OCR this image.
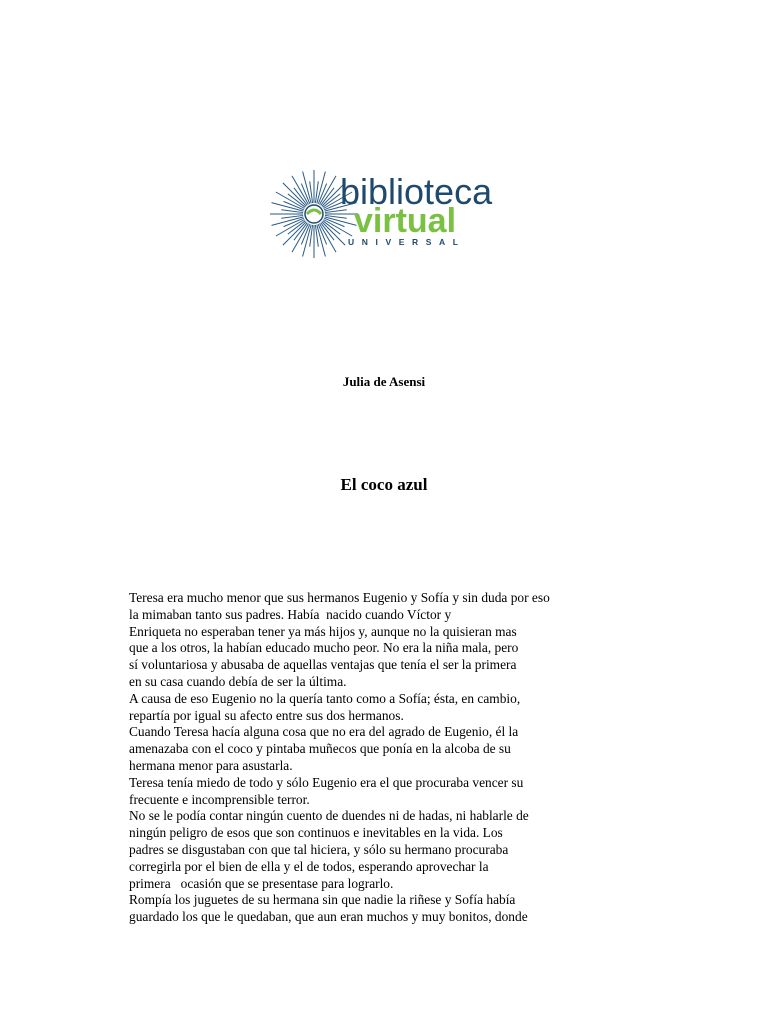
biblioteca
virtual
UNIVERSAL
Julia de Asensi
El coco azul
Teresa era mucho menor que sus hermanos Eugenio y Sofía y sin duda por eso
la mimaban tanto sus padres. Había  nacido cuando Víctor y
Enriqueta no esperaban tener ya más hijos y, aunque no la quisieran mas
que a los otros, la habían educado mucho peor. No era la niña mala, pero
sí voluntariosa y abusaba de aquellas ventajas que tenía el ser la primera
en su casa cuando debía de ser la última.
A causa de eso Eugenio no la quería tanto como a Sofía; ésta, en cambio,
repartía por igual su afecto entre sus dos hermanos.
Cuando Teresa hacía alguna cosa que no era del agrado de Eugenio, él la
amenazaba con el coco y pintaba muñecos que ponía en la alcoba de su
hermana menor para asustarla.
Teresa tenía miedo de todo y sólo Eugenio era el que procuraba vencer su
frecuente e incomprensible terror.
No se le podía contar ningún cuento de duendes ni de hadas, ni hablarle de
ningún peligro de esos que son continuos e inevitables en la vida. Los
padres se disgustaban con que tal hiciera, y sólo su hermano procuraba
corregirla por el bien de ella y el de todos, esperando aprovechar la
primera   ocasión que se presentase para lograrlo.
Rompía los juguetes de su hermana sin que nadie la riñese y Sofía había
guardado los que le quedaban, que aun eran muchos y muy bonitos, donde
